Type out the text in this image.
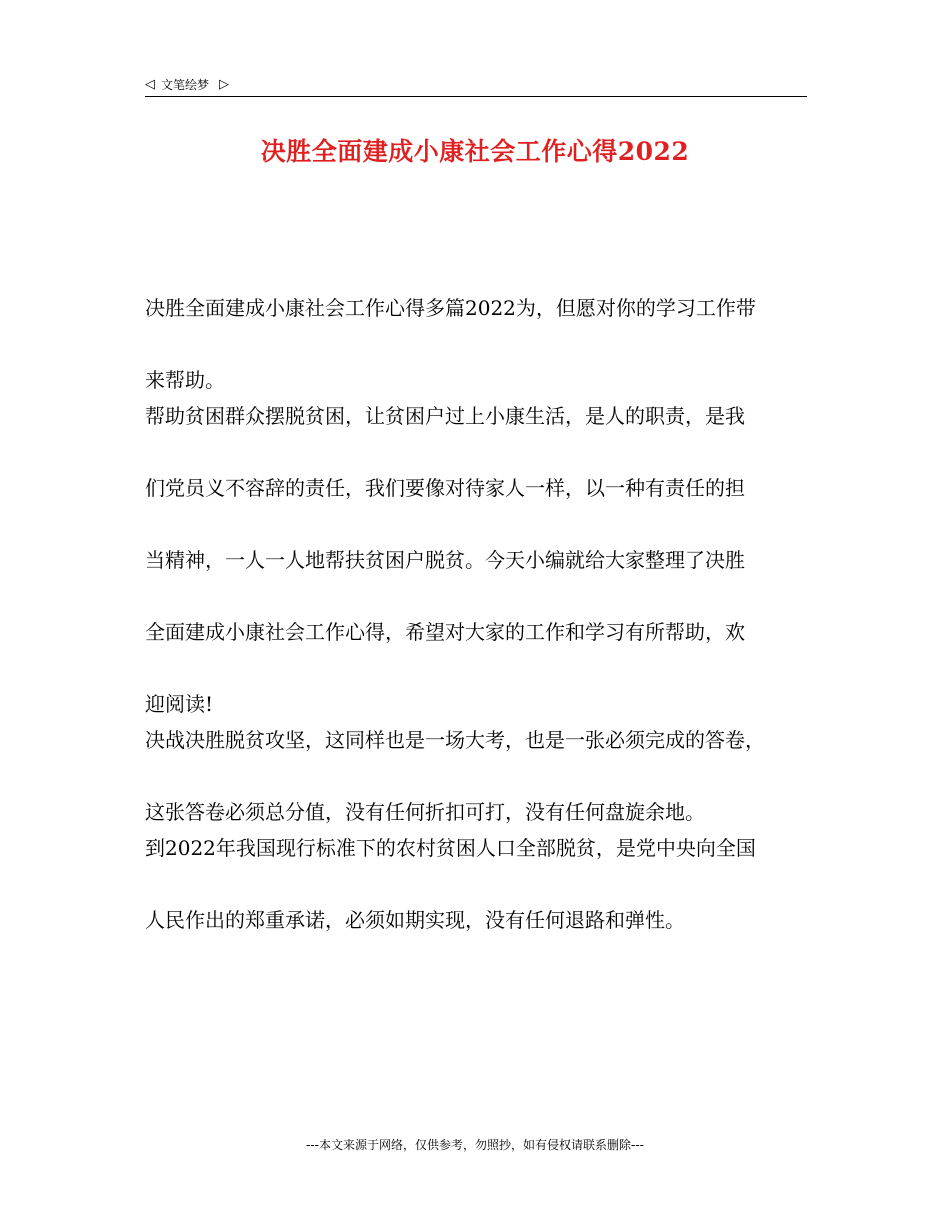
◁ 文笔绘梦 ▷
决胜全面建成小康社会工作心得2022

决胜全面建成小康社会工作心得多篇2022为，但愿对你的学习工作带
来帮助。

帮助贫困群众摆脱贫困，让贫困户过上小康生活，是人的职责，是我
们党员义不容辞的责任，我们要像对待家人一样，以一种有责任的担
当精神，一人一人地帮扶贫困户脱贫。今天小编就给大家整理了决胜
全面建成小康社会工作心得，希望对大家的工作和学习有所帮助，欢
迎阅读!

决战决胜脱贫攻坚，这同样也是一场大考，也是一张必须完成的答卷，
这张答卷必须总分值，没有任何折扣可打，没有任何盘旋余地。

到2022年我国现行标准下的农村贫困人口全部脱贫，是党中央向全国
人民作出的郑重承诺，必须如期实现，没有任何退路和弹性。

---本文来源于网络，仅供参考，勿照抄，如有侵权请联系删除---
